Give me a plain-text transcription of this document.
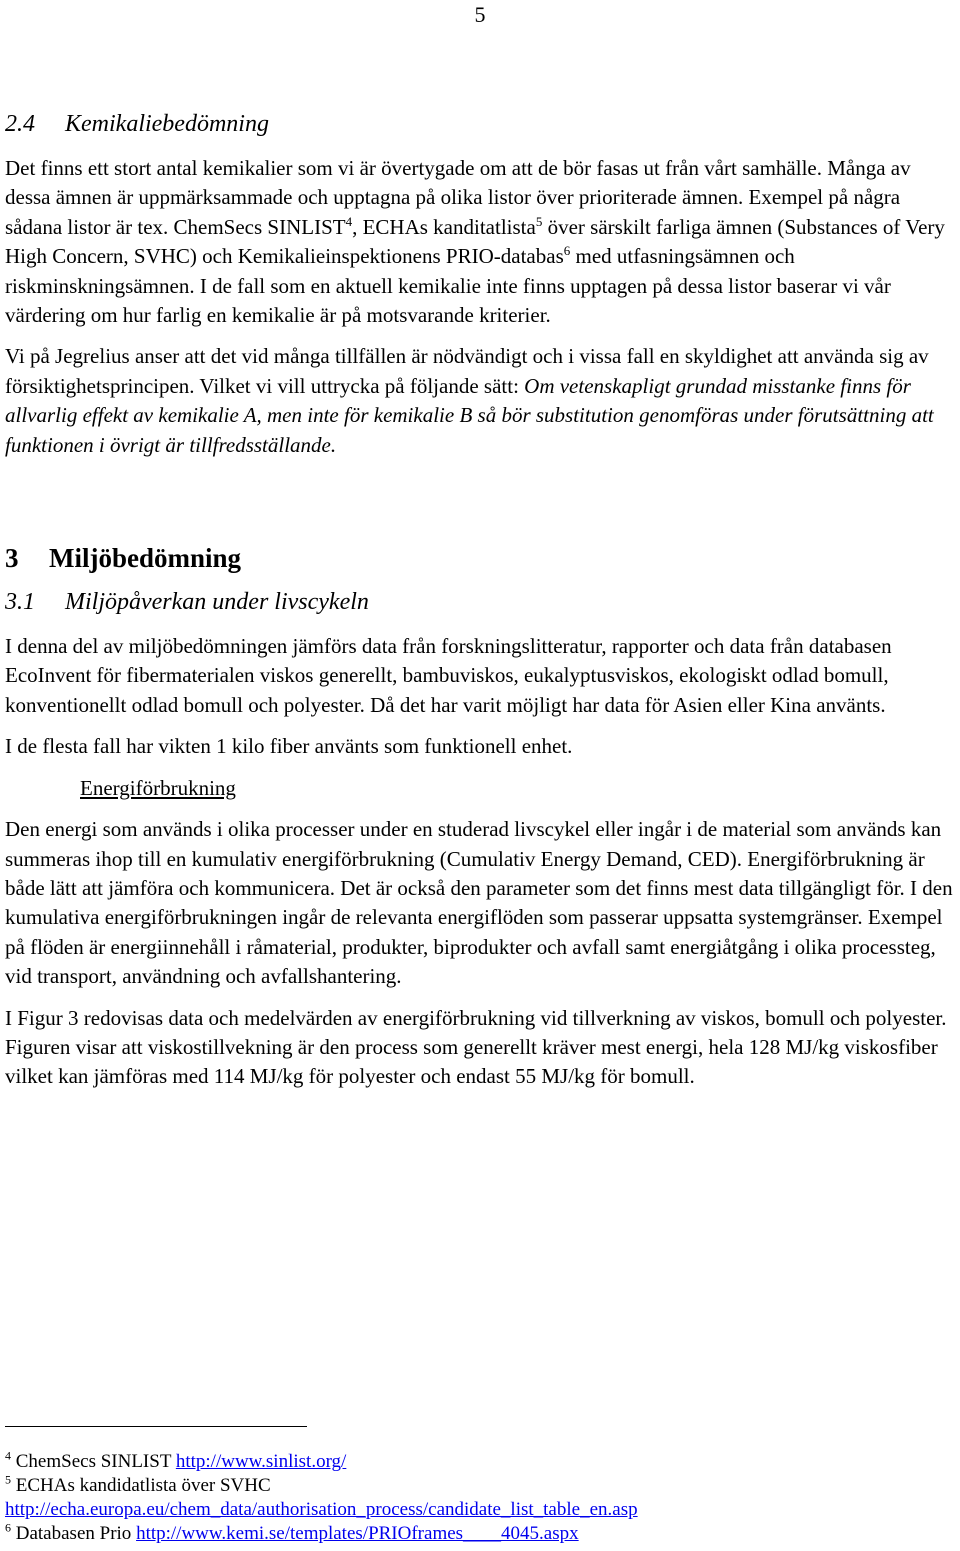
5
2.4 Kemikaliebedömning

Det finns ett stort antal kemikalier som vi är övertygade om att de bör fasas ut från vårt samhälle. Många av dessa ämnen är uppmärksammade och upptagna på olika listor över prioriterade ämnen. Exempel på några sådana listor är tex. ChemSecs SINLIST$^4$, ECHAs kanditatlista$^5$ över särskilt farliga ämnen (Substances of Very High Concern, SVHC) och Kemikalieinspektionens PRIO-databas$^6$ med utfasningsämnen och riskminskningsämnen. I de fall som en aktuell kemikalie inte finns upptagen på dessa listor baserar vi vår värdering om hur farlig en kemikalie är på motsvarande kriterier.

Vi på Jegrelius anser att det vid många tillfällen är nödvändigt och i vissa fall en skyldighet att använda sig av försiktighetsprincipen. Vilket vi vill uttrycka på följande sätt: Om vetenskapligt grundad misstanke finns för allvarlig effekt av kemikalie A, men inte för kemikalie B så bör substitution genomföras under förutsättning att funktionen i övrigt är tillfredsställande.

3 Miljöbedömning
3.1 Miljöpåverkan under livscykeln

I denna del av miljöbedömningen jämförs data från forskningslitteratur, rapporter och data från databasen EcoInvent för fibermaterialen viskos generellt, bambuviskos, eukalyptusviskos, ekologiskt odlad bomull, konventionellt odlad bomull och polyester. Då det har varit möjligt har data för Asien eller Kina använts.

I de flesta fall har vikten 1 kilo fiber använts som funktionell enhet.

Energiförbrukning

Den energi som används i olika processer under en studerad livscykel eller ingår i de material som används kan summeras ihop till en kumulativ energiförbrukning (Cumulativ Energy Demand, CED). Energiförbrukning är både lätt att jämföra och kommunicera. Det är också den parameter som det finns mest data tillgängligt för. I den kumulativa energiförbrukningen ingår de relevanta energiflöden som passerar uppsatta systemgränser. Exempel på flöden är energiinnehåll i råmaterial, produkter, biprodukter och avfall samt energiåtgång i olika processteg, vid transport, användning och avfallshantering.

I Figur 3 redovisas data och medelvärden av energiförbrukning vid tillverkning av viskos, bomull och polyester. Figuren visar att viskostillvekning är den process som generellt kräver mest energi, hela 128 MJ/kg viskosfiber vilket kan jämföras med 114 MJ/kg för polyester och endast 55 MJ/kg för bomull.

$^4$ ChemSecs SINLIST http://www.sinlist.org/
$^5$ ECHAs kandidatlista över SVHC
http://echa.europa.eu/chem_data/authorisation_process/candidate_list_table_en.asp
$^6$ Databasen Prio http://www.kemi.se/templates/PRIOframes____4045.aspx
